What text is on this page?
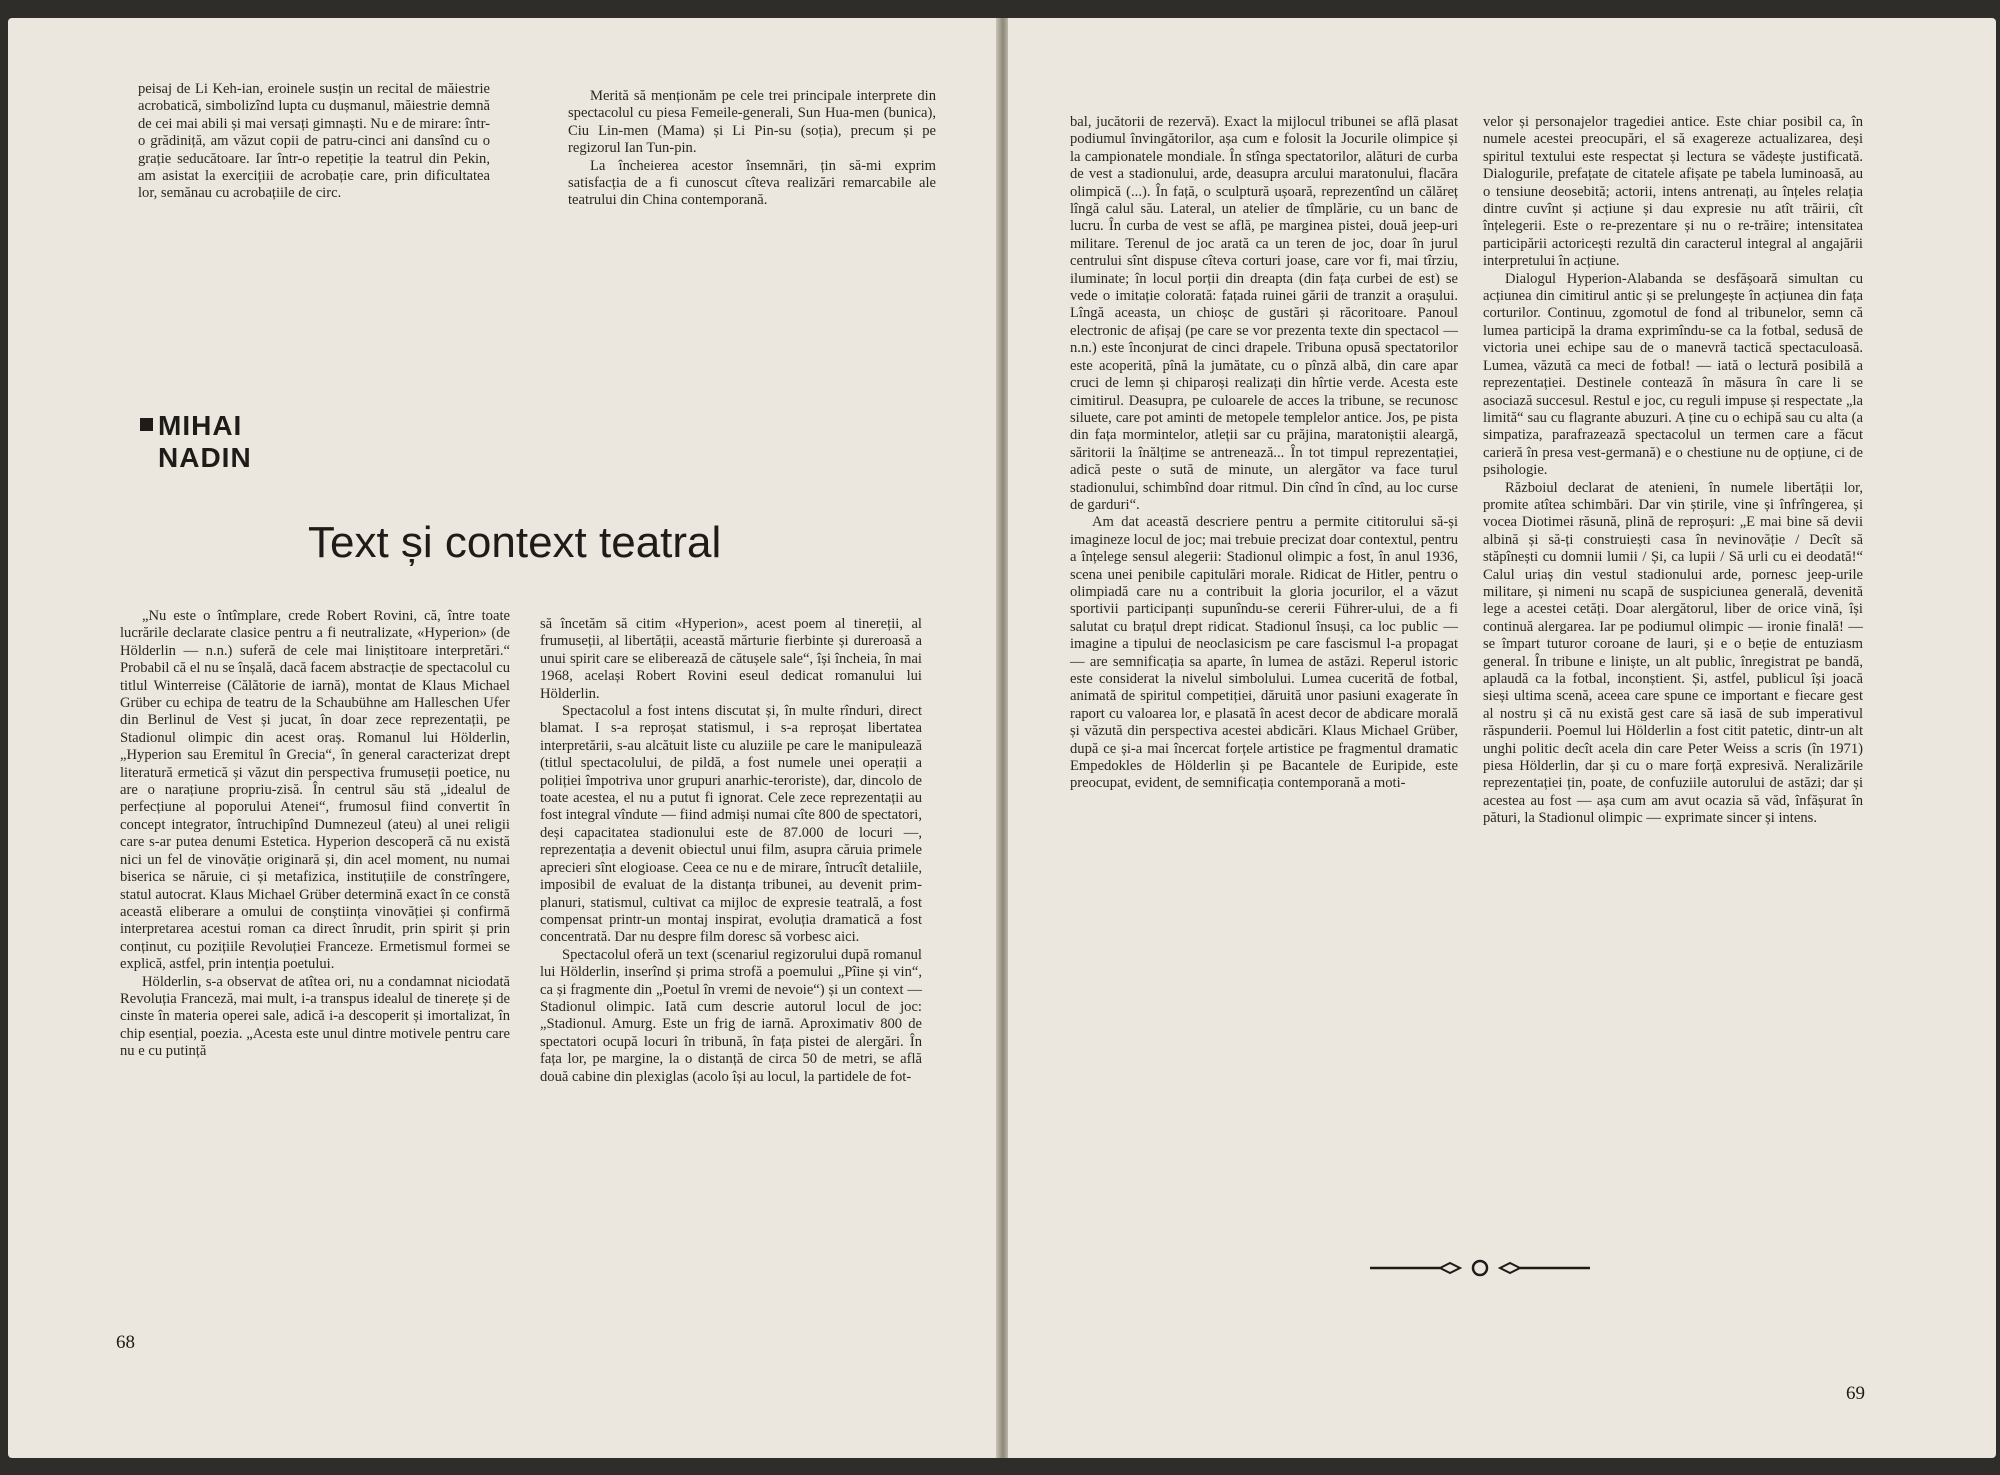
peisaj de Li Keh-ian, eroinele susțin un recital de măiestrie acrobatică, simbolizînd lupta cu dușmanul, măiestrie demnă de cei mai abili și mai versați gimnaști. Nu e de mirare: într-o grădiniță, am văzut copii de patru-cinci ani dansînd cu o grație seducătoare. Iar într-o repetiție la teatrul din Pekin, am asistat la exercițiii de acrobație care, prin dificultatea lor, semănau cu acrobațiile de circ.

Merită să menționăm pe cele trei principale interprete din spectacolul cu piesa Femeile-generali, Sun Hua-men (bunica), Ciu Lin-men (Mama) și Li Pin-su (soția), precum și pe regizorul Ian Tun-pin.

La încheierea acestor însemnări, țin să-mi exprim satisfacția de a fi cunoscut cîteva realizări remarcabile ale teatrului din China contemporană.

MIHAI
NADIN
Text și context teatral

„Nu este o întîmplare, crede Robert Rovini, că, între toate lucrările declarate clasice pentru a fi neutralizate, «Hyperion» (de Hölderlin — n.n.) suferă de cele mai liniștitoare interpretări.“ Probabil că el nu se înșală, dacă facem abstracție de spectacolul cu titlul Winterreise (Călătorie de iarnă), montat de Klaus Michael Grüber cu echipa de teatru de la Schaubühne am Halleschen Ufer din Berlinul de Vest și jucat, în doar zece reprezentații, pe Stadionul olimpic din acest oraș. Romanul lui Hölderlin, „Hyperion sau Eremitul în Grecia“, în general caracterizat drept literatură ermetică și văzut din perspectiva frumuseții poetice, nu are o narațiune propriu-zisă. În centrul său stă „idealul de perfecțiune al poporului Atenei“, frumosul fiind convertit în concept integrator, întruchipînd Dumnezeul (ateu) al unei religii care s-ar putea denumi Estetica. Hyperion descoperă că nu există nici un fel de vinovăție originară și, din acel moment, nu numai biserica se năruie, ci și metafizica, instituțiile de constrîngere, statul autocrat. Klaus Michael Grüber determină exact în ce constă această eliberare a omului de conștiința vinovăției și confirmă interpretarea acestui roman ca direct înrudit, prin spirit și prin conținut, cu pozițiile Revoluției Franceze. Ermetismul formei se explică, astfel, prin intenția poetului.

Hölderlin, s-a observat de atîtea ori, nu a condamnat niciodată Revoluția Franceză, mai mult, i-a transpus idealul de tinerețe și de cinste în materia operei sale, adică i-a descoperit și imortalizat, în chip esențial, poezia. „Acesta este unul dintre motivele pentru care nu e cu putință

să încetăm să citim «Hyperion», acest poem al tinereții, al frumuseții, al libertății, această mărturie fierbinte și dureroasă a unui spirit care se eliberează de cătușele sale“, își încheia, în mai 1968, același Robert Rovini eseul dedicat romanului lui Hölderlin.

Spectacolul a fost intens discutat și, în multe rînduri, direct blamat. I s-a reproșat statismul, i s-a reproșat libertatea interpretării, s-au alcătuit liste cu aluziile pe care le manipulează (titlul spectacolului, de pildă, a fost numele unei operații a poliției împotriva unor grupuri anarhic-teroriste), dar, dincolo de toate acestea, el nu a putut fi ignorat. Cele zece reprezentații au fost integral vîndute — fiind admiși numai cîte 800 de spectatori, deși capacitatea stadionului este de 87.000 de locuri —, reprezentația a devenit obiectul unui film, asupra căruia primele aprecieri sînt elogioase. Ceea ce nu e de mirare, întrucît detaliile, imposibil de evaluat de la distanța tribunei, au devenit prim-planuri, statismul, cultivat ca mijloc de expresie teatrală, a fost compensat printr-un montaj inspirat, evoluția dramatică a fost concentrată. Dar nu despre film doresc să vorbesc aici.

Spectacolul oferă un text (scenariul regizorului după romanul lui Hölderlin, inserînd și prima strofă a poemului „Pîine și vin“, ca și fragmente din „Poetul în vremi de nevoie“) și un context — Stadionul olimpic. Iată cum descrie autorul locul de joc: „Stadionul. Amurg. Este un frig de iarnă. Aproximativ 800 de spectatori ocupă locuri în tribună, în fața pistei de alergări. În fața lor, pe margine, la o distanță de circa 50 de metri, se află două cabine din plexiglas (acolo își au locul, la partidele de fot-

68

bal, jucătorii de rezervă). Exact la mijlocul tribunei se află plasat podiumul învingătorilor, așa cum e folosit la Jocurile olimpice și la campionatele mondiale. În stînga spectatorilor, alături de curba de vest a stadionului, arde, deasupra arcului maratonului, flacăra olimpică (...). În față, o sculptură ușoară, reprezentînd un călăreț lîngă calul său. Lateral, un atelier de tîmplărie, cu un banc de lucru. În curba de vest se află, pe marginea pistei, două jeep-uri militare. Terenul de joc arată ca un teren de joc, doar în jurul centrului sînt dispuse cîteva corturi joase, care vor fi, mai tîrziu, iluminate; în locul porții din dreapta (din fața curbei de est) se vede o imitație colorată: fațada ruinei gării de tranzit a orașului. Lîngă aceasta, un chioșc de gustări și răcoritoare. Panoul electronic de afișaj (pe care se vor prezenta texte din spectacol — n.n.) este înconjurat de cinci drapele. Tribuna opusă spectatorilor este acoperită, pînă la jumătate, cu o pînză albă, din care apar cruci de lemn și chiparoși realizați din hîrtie verde. Acesta este cimitirul. Deasupra, pe culoarele de acces la tribune, se recunosc siluete, care pot aminti de metopele templelor antice. Jos, pe pista din fața mormintelor, atleții sar cu prăjina, maratoniștii aleargă, săritorii la înălțime se antrenează... În tot timpul reprezentației, adică peste o sută de minute, un alergător va face turul stadionului, schimbînd doar ritmul. Din cînd în cînd, au loc curse de garduri“.

Am dat această descriere pentru a permite cititorului să-și imagineze locul de joc; mai trebuie precizat doar contextul, pentru a înțelege sensul alegerii: Stadionul olimpic a fost, în anul 1936, scena unei penibile capitulări morale. Ridicat de Hitler, pentru o olimpiadă care nu a contribuit la gloria jocurilor, el a văzut sportivii participanți supunîndu-se cererii Führer-ului, de a fi salutat cu brațul drept ridicat. Stadionul însuși, ca loc public — imagine a tipului de neoclasicism pe care fascismul l-a propagat — are semnificația sa aparte, în lumea de astăzi. Reperul istoric este considerat la nivelul simbolului. Lumea cucerită de fotbal, animată de spiritul competiției, dăruită unor pasiuni exagerate în raport cu valoarea lor, e plasată în acest decor de abdicare morală și văzută din perspectiva acestei abdicări. Klaus Michael Grüber, după ce și-a mai încercat forțele artistice pe fragmentul dramatic Empedokles de Hölderlin și pe Bacantele de Euripide, este preocupat, evident, de semnificația contemporană a moti-

velor și personajelor tragediei antice. Este chiar posibil ca, în numele acestei preocupări, el să exagereze actualizarea, deși spiritul textului este respectat și lectura se vădește justificată. Dialogurile, prefațate de citatele afișate pe tabela luminoasă, au o tensiune deosebită; actorii, intens antrenați, au înțeles relația dintre cuvînt și acțiune și dau expresie nu atît trăirii, cît înțelegerii. Este o re-prezentare și nu o re-trăire; intensitatea participării actoricești rezultă din caracterul integral al angajării interpretului în acțiune.

Dialogul Hyperion-Alabanda se desfășoară simultan cu acțiunea din cimitirul antic și se prelungește în acțiunea din fața corturilor. Continuu, zgomotul de fond al tribunelor, semn că lumea participă la drama exprimîndu-se ca la fotbal, sedusă de victoria unei echipe sau de o manevră tactică spectaculoasă. Lumea, văzută ca meci de fotbal! — iată o lectură posibilă a reprezentației. Destinele contează în măsura în care li se asociază succesul. Restul e joc, cu reguli impuse și respectate „la limită“ sau cu flagrante abuzuri. A ține cu o echipă sau cu alta (a simpatiza, parafrazează spectacolul un termen care a făcut carieră în presa vest-germană) e o chestiune nu de opțiune, ci de psihologie.

Războiul declarat de atenieni, în numele libertății lor, promite atîtea schimbări. Dar vin știrile, vine și înfrîngerea, și vocea Diotimei răsună, plină de reproșuri: „E mai bine să devii albină și să-ți construiești casa în nevinovăție / Decît să stăpînești cu domnii lumii / Și, ca lupii / Să urli cu ei deodată!“ Calul uriaș din vestul stadionului arde, pornesc jeep-urile militare, și nimeni nu scapă de suspiciunea generală, devenită lege a acestei cetăți. Doar alergătorul, liber de orice vină, își continuă alergarea. Iar pe podiumul olimpic — ironie finală! — se împart tuturor coroane de lauri, și e o beție de entuziasm general. În tribune e liniște, un alt public, înregistrat pe bandă, aplaudă ca la fotbal, inconștient. Și, astfel, publicul își joacă sieși ultima scenă, aceea care spune ce important e fiecare gest al nostru și că nu există gest care să iasă de sub imperativul răspunderii. Poemul lui Hölderlin a fost citit patetic, dintr-un alt unghi politic decît acela din care Peter Weiss a scris (în 1971) piesa Hölderlin, dar și cu o mare forță expresivă. Neralizările reprezentației țin, poate, de confuziile autorului de astăzi; dar și acestea au fost — așa cum am avut ocazia să văd, înfășurat în pături, la Stadionul olimpic — exprimate sincer și intens.

69
